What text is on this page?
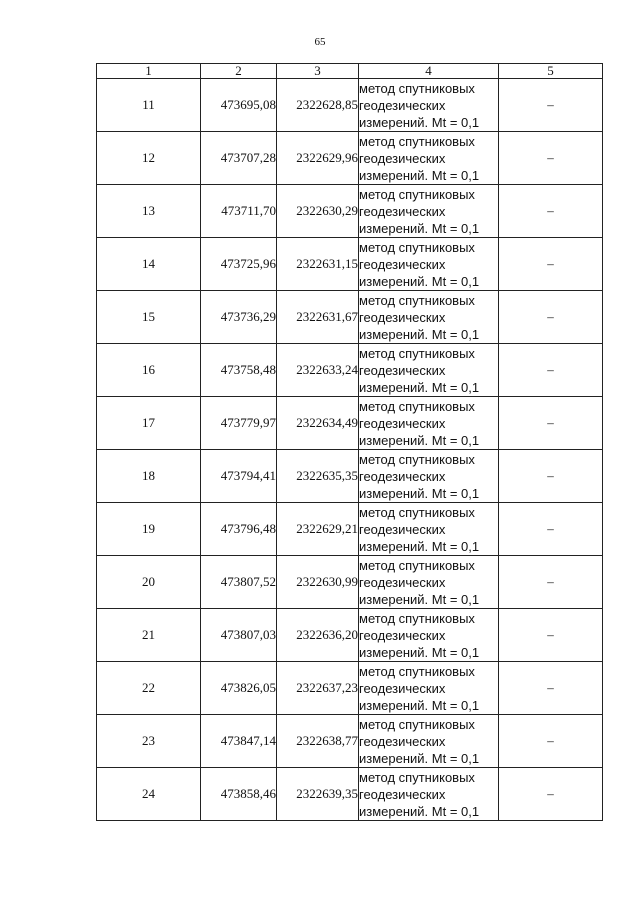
65
1	2	3	4	5
11	473695,08	2322628,85	метод спутниковых
геодезических
измерений. Mt = 0,1	–
12	473707,28	2322629,96	метод спутниковых
геодезических
измерений. Mt = 0,1	–
13	473711,70	2322630,29	метод спутниковых
геодезических
измерений. Mt = 0,1	–
14	473725,96	2322631,15	метод спутниковых
геодезических
измерений. Mt = 0,1	–
15	473736,29	2322631,67	метод спутниковых
геодезических
измерений. Mt = 0,1	–
16	473758,48	2322633,24	метод спутниковых
геодезических
измерений. Mt = 0,1	–
17	473779,97	2322634,49	метод спутниковых
геодезических
измерений. Mt = 0,1	–
18	473794,41	2322635,35	метод спутниковых
геодезических
измерений. Mt = 0,1	–
19	473796,48	2322629,21	метод спутниковых
геодезических
измерений. Mt = 0,1	–
20	473807,52	2322630,99	метод спутниковых
геодезических
измерений. Mt = 0,1	–
21	473807,03	2322636,20	метод спутниковых
геодезических
измерений. Mt = 0,1	–
22	473826,05	2322637,23	метод спутниковых
геодезических
измерений. Mt = 0,1	–
23	473847,14	2322638,77	метод спутниковых
геодезических
измерений. Mt = 0,1	–
24	473858,46	2322639,35	метод спутниковых
геодезических
измерений. Mt = 0,1	–
